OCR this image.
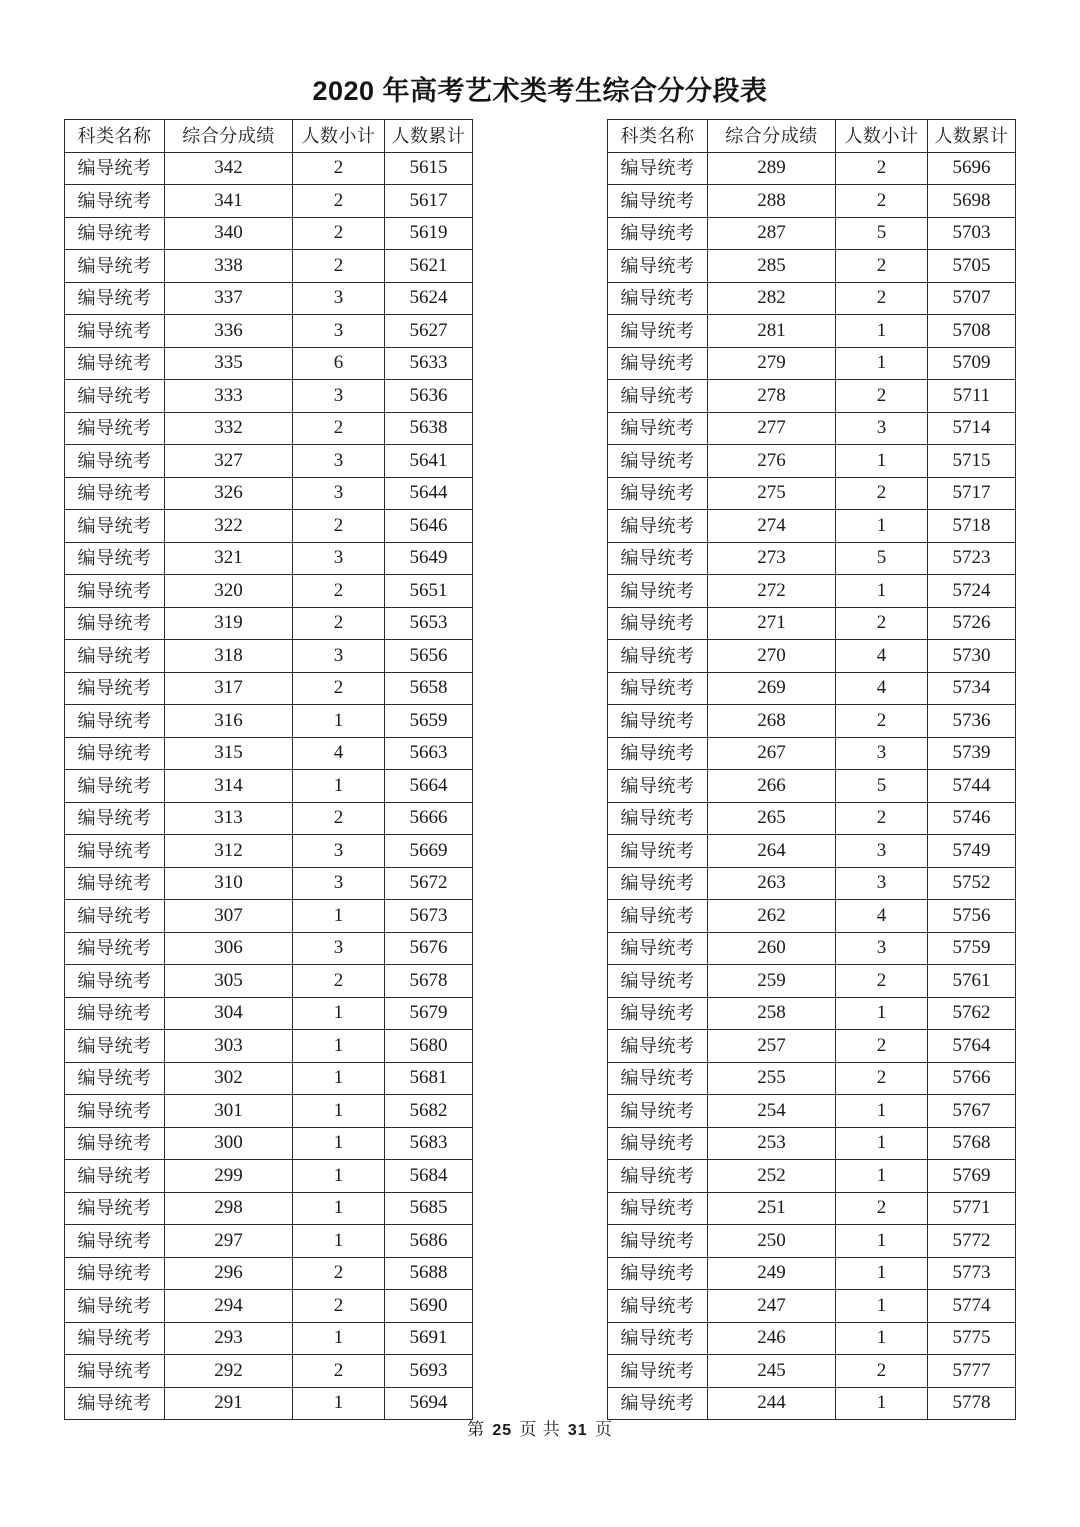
2020 年高考艺术类考生综合分分段表
科类名称	综合分成绩	人数小计	人数累计
编导统考	342	2	5615
编导统考	341	2	5617
编导统考	340	2	5619
编导统考	338	2	5621
编导统考	337	3	5624
编导统考	336	3	5627
编导统考	335	6	5633
编导统考	333	3	5636
编导统考	332	2	5638
编导统考	327	3	5641
编导统考	326	3	5644
编导统考	322	2	5646
编导统考	321	3	5649
编导统考	320	2	5651
编导统考	319	2	5653
编导统考	318	3	5656
编导统考	317	2	5658
编导统考	316	1	5659
编导统考	315	4	5663
编导统考	314	1	5664
编导统考	313	2	5666
编导统考	312	3	5669
编导统考	310	3	5672
编导统考	307	1	5673
编导统考	306	3	5676
编导统考	305	2	5678
编导统考	304	1	5679
编导统考	303	1	5680
编导统考	302	1	5681
编导统考	301	1	5682
编导统考	300	1	5683
编导统考	299	1	5684
编导统考	298	1	5685
编导统考	297	1	5686
编导统考	296	2	5688
编导统考	294	2	5690
编导统考	293	1	5691
编导统考	292	2	5693
编导统考	291	1	5694
科类名称	综合分成绩	人数小计	人数累计
编导统考	289	2	5696
编导统考	288	2	5698
编导统考	287	5	5703
编导统考	285	2	5705
编导统考	282	2	5707
编导统考	281	1	5708
编导统考	279	1	5709
编导统考	278	2	5711
编导统考	277	3	5714
编导统考	276	1	5715
编导统考	275	2	5717
编导统考	274	1	5718
编导统考	273	5	5723
编导统考	272	1	5724
编导统考	271	2	5726
编导统考	270	4	5730
编导统考	269	4	5734
编导统考	268	2	5736
编导统考	267	3	5739
编导统考	266	5	5744
编导统考	265	2	5746
编导统考	264	3	5749
编导统考	263	3	5752
编导统考	262	4	5756
编导统考	260	3	5759
编导统考	259	2	5761
编导统考	258	1	5762
编导统考	257	2	5764
编导统考	255	2	5766
编导统考	254	1	5767
编导统考	253	1	5768
编导统考	252	1	5769
编导统考	251	2	5771
编导统考	250	1	5772
编导统考	249	1	5773
编导统考	247	1	5774
编导统考	246	1	5775
编导统考	245	2	5777
编导统考	244	1	5778
第 25 页 共 31 页
